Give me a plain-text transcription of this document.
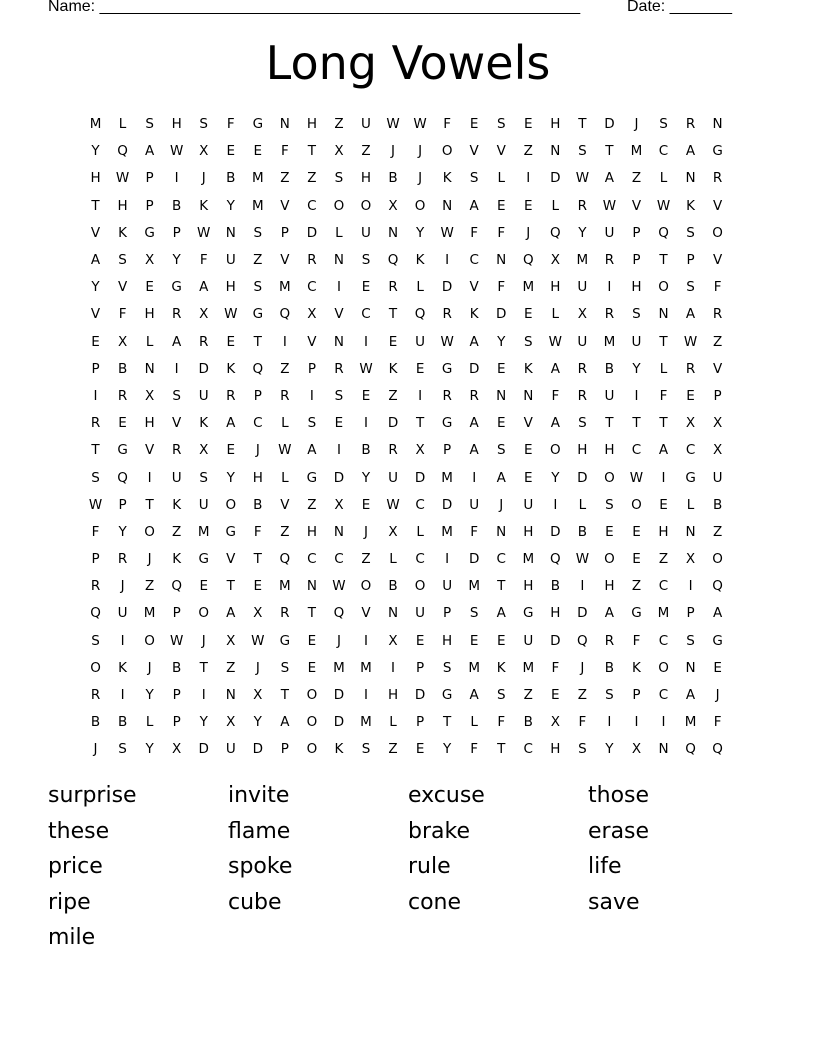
Name: ______________________________________________________	Date: _______
Long Vowels
M	L	S	H	S	F	G	N	H	Z	U	W	W	F	E	S	E	H	T	D	J	S	R	N
Y	Q	A	W	X	E	E	F	T	X	Z	J	J	O	V	V	Z	N	S	T	M	C	A	G
H	W	P	I	J	B	M	Z	Z	S	H	B	J	K	S	L	I	D	W	A	Z	L	N	R
T	H	P	B	K	Y	M	V	C	O	O	X	O	N	A	E	E	L	R	W	V	W	K	V
V	K	G	P	W	N	S	P	D	L	U	N	Y	W	F	F	J	Q	Y	U	P	Q	S	O
A	S	X	Y	F	U	Z	V	R	N	S	Q	K	I	C	N	Q	X	M	R	P	T	P	V
Y	V	E	G	A	H	S	M	C	I	E	R	L	D	V	F	M	H	U	I	H	O	S	F
V	F	H	R	X	W	G	Q	X	V	C	T	Q	R	K	D	E	L	X	R	S	N	A	R
E	X	L	A	R	E	T	I	V	N	I	E	U	W	A	Y	S	W	U	M	U	T	W	Z
P	B	N	I	D	K	Q	Z	P	R	W	K	E	G	D	E	K	A	R	B	Y	L	R	V
I	R	X	S	U	R	P	R	I	S	E	Z	I	R	R	N	N	F	R	U	I	F	E	P
R	E	H	V	K	A	C	L	S	E	I	D	T	G	A	E	V	A	S	T	T	T	X	X
T	G	V	R	X	E	J	W	A	I	B	R	X	P	A	S	E	O	H	H	C	A	C	X
S	Q	I	U	S	Y	H	L	G	D	Y	U	D	M	I	A	E	Y	D	O	W	I	G	U
W	P	T	K	U	O	B	V	Z	X	E	W	C	D	U	J	U	I	L	S	O	E	L	B
F	Y	O	Z	M	G	F	Z	H	N	J	X	L	M	F	N	H	D	B	E	E	H	N	Z
P	R	J	K	G	V	T	Q	C	C	Z	L	C	I	D	C	M	Q	W	O	E	Z	X	O
R	J	Z	Q	E	T	E	M	N	W	O	B	O	U	M	T	H	B	I	H	Z	C	I	Q
Q	U	M	P	O	A	X	R	T	Q	V	N	U	P	S	A	G	H	D	A	G	M	P	A
S	I	O	W	J	X	W	G	E	J	I	X	E	H	E	E	U	D	Q	R	F	C	S	G
O	K	J	B	T	Z	J	S	E	M	M	I	P	S	M	K	M	F	J	B	K	O	N	E
R	I	Y	P	I	N	X	T	O	D	I	H	D	G	A	S	Z	E	Z	S	P	C	A	J
B	B	L	P	Y	X	Y	A	O	D	M	L	P	T	L	F	B	X	F	I	I	I	M	F
J	S	Y	X	D	U	D	P	O	K	S	Z	E	Y	F	T	C	H	S	Y	X	N	Q	Q
surprise	invite	excuse	those
these	flame	brake	erase
price	spoke	rule	life
ripe	cube	cone	save
mile
